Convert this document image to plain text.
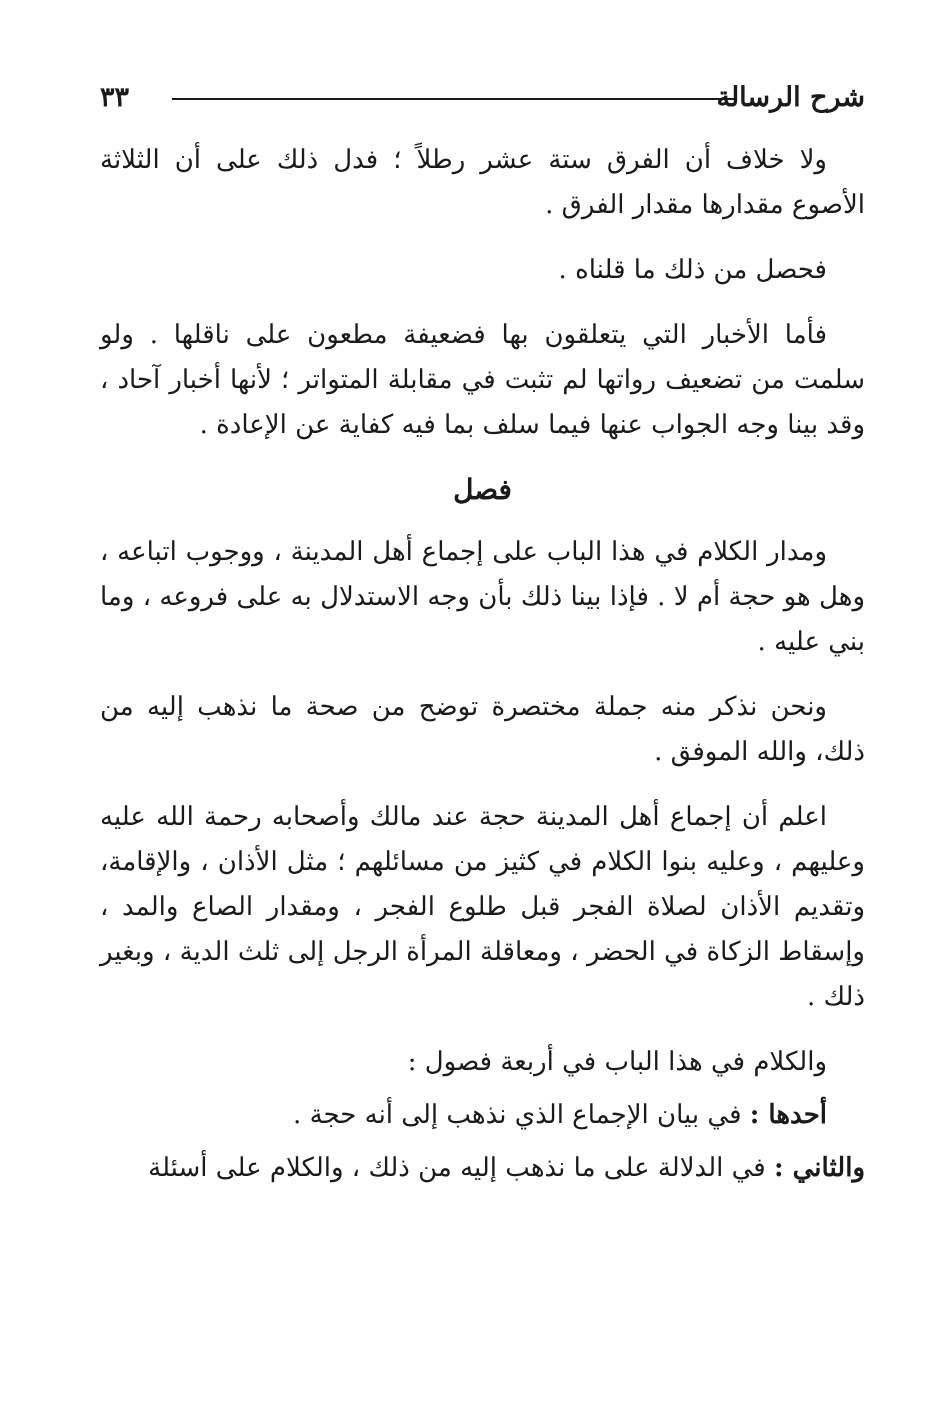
شرح الرسالة
٣٣

ولا خلاف أن الفرق ستة عشر رطلاً ؛ فدل ذلك على أن الثلاثة الأصوع مقدارها مقدار الفرق .

فحصل من ذلك ما قلناه .

فأما الأخبار التي يتعلقون بها فضعيفة مطعون على ناقلها . ولو سلمت من تضعيف رواتها لم تثبت في مقابلة المتواتر ؛ لأنها أخبار آحاد ، وقد بينا وجه الجواب عنها فيما سلف بما فيه كفاية عن الإعادة .

فصل

ومدار الكلام في هذا الباب على إجماع أهل المدينة ، ووجوب اتباعه ، وهل هو حجة أم لا . فإذا بينا ذلك بأن وجه الاستدلال به على فروعه ، وما بني عليه .

ونحن نذكر منه جملة مختصرة توضح من صحة ما نذهب إليه من ذلك، والله الموفق .

اعلم أن إجماع أهل المدينة حجة عند مالك وأصحابه رحمة الله عليه وعليهم ، وعليه بنوا الكلام في كثيز من مسائلهم ؛ مثل الأذان ، والإقامة، وتقديم الأذان لصلاة الفجر قبل طلوع الفجر ، ومقدار الصاع والمد ، وإسقاط الزكاة في الحضر ، ومعاقلة المرأة الرجل إلى ثلث الدية ، وبغير ذلك .

والكلام في هذا الباب في أربعة فصول :

أحدها : في بيان الإجماع الذي نذهب إلى أنه حجة .

والثاني : في الدلالة على ما نذهب إليه من ذلك ، والكلام على أسئلة
